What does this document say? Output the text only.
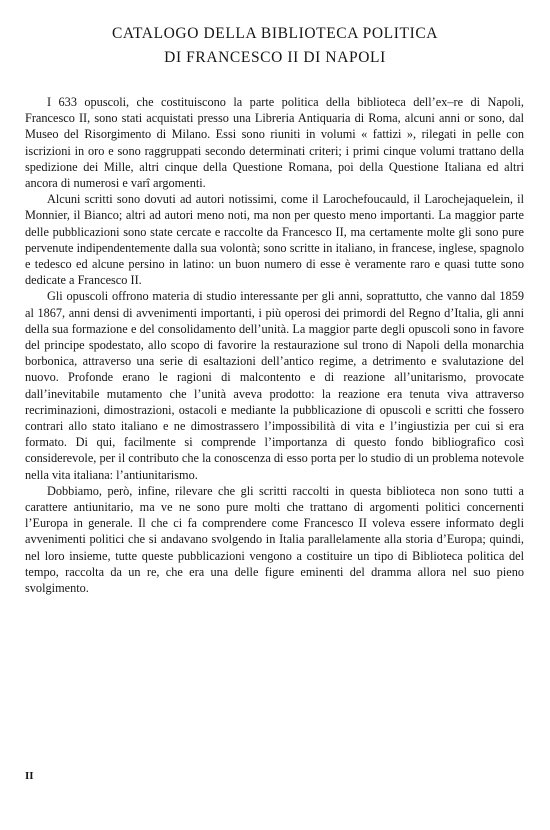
CATALOGO DELLA BIBLIOTECA POLITICA
DI FRANCESCO II DI NAPOLI

I 633 opuscoli, che costituiscono la parte politica della biblioteca dell’ex–re di Napoli, Francesco II, sono stati acquistati presso una Libreria Antiquaria di Roma, alcuni anni or sono, dal Museo del Risorgimento di Milano. Essi sono riuniti in volumi « fattizi », rilegati in pelle con iscrizioni in oro e sono raggruppati secondo determinati criteri; i primi cinque volumi trattano della spedizione dei Mille, altri cinque della Questione Romana, poi della Questione Italiana ed altri ancora di numerosi e varî argomenti.

Alcuni scritti sono dovuti ad autori notissimi, come il Larochefoucauld, il Larochejaquelein, il Monnier, il Bianco; altri ad autori meno noti, ma non per questo meno importanti. La maggior parte delle pubblicazioni sono state cercate e raccolte da Francesco II, ma certamente molte gli sono pure pervenute indipendentemente dalla sua volontà; sono scritte in italiano, in francese, inglese, spagnolo e tedesco ed alcune persino in latino: un buon numero di esse è veramente raro e quasi tutte sono dedicate a Francesco II.

Gli opuscoli offrono materia di studio interessante per gli anni, soprattutto, che vanno dal 1859 al 1867, anni densi di avvenimenti importanti, i più operosi dei primordi del Regno d’Italia, gli anni della sua formazione e del consolidamento dell’unità. La maggior parte degli opuscoli sono in favore del principe spodestato, allo scopo di favorire la restaurazione sul trono di Napoli della monarchia borbonica, attraverso una serie di esaltazioni dell’antico regime, a detrimento e svalutazione del nuovo. Profonde erano le ragioni di malcontento e di reazione all’unitarismo, provocate dall’inevitabile mutamento che l’unità aveva prodotto: la reazione era tenuta viva attraverso recriminazioni, dimostrazioni, ostacoli e mediante la pubblicazione di opuscoli e scritti che fossero contrari allo stato italiano e ne dimostrassero l’impossibilità di vita e l’ingiustizia per cui si era formato. Di qui, facilmente si comprende l’importanza di questo fondo bibliografico così considerevole, per il contributo che la conoscenza di esso porta per lo studio di un problema notevole nella vita italiana: l’antiunitarismo.

Dobbiamo, però, infine, rilevare che gli scritti raccolti in questa biblioteca non sono tutti a carattere antiunitario, ma ve ne sono pure molti che trattano di argomenti politici concernenti l’Europa in generale. Il che ci fa comprendere come Francesco II voleva essere informato degli avvenimenti politici che si andavano svolgendo in Italia parallelamente alla storia d’Europa; quindi, nel loro insieme, tutte queste pubblicazioni vengono a costituire un tipo di Biblioteca politica del tempo, raccolta da un re, che era una delle figure eminenti del dramma allora nel suo pieno svolgimento.

II
